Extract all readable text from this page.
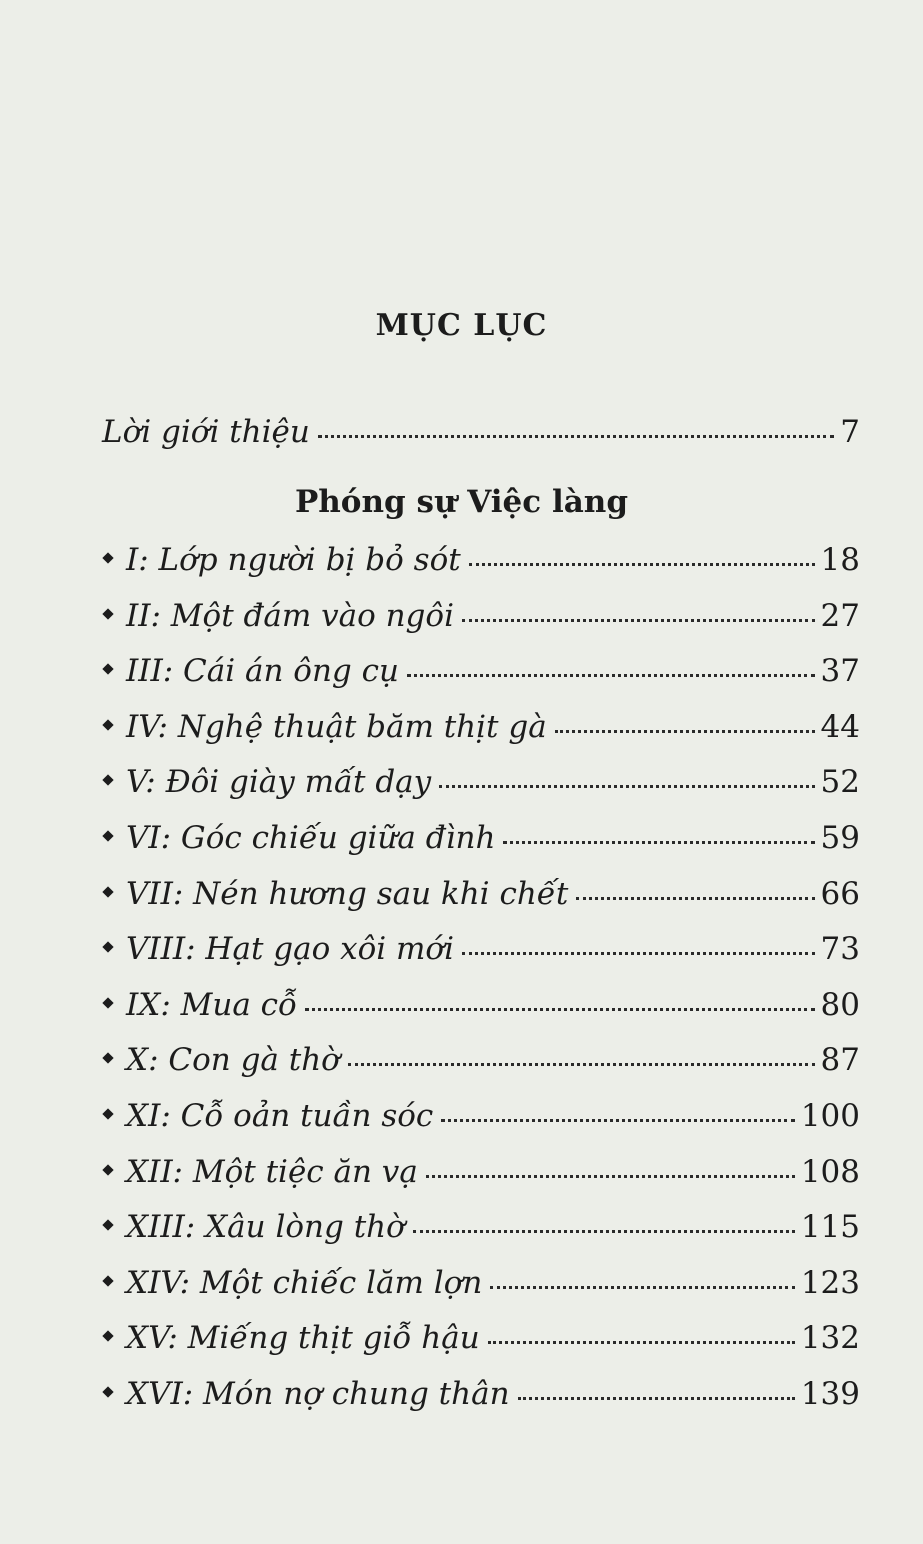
MỤC LỤC
Lời giới thiệu	7
Phóng sự Việc làng
I: Lớp người bị bỏ sót	18
II: Một đám vào ngôi	27
III: Cái án ông cụ	37
IV: Nghệ thuật băm thịt gà	44
V: Đôi giày mất dạy	52
VI: Góc chiếu giữa đình	59
VII: Nén hương sau khi chết	66
VIII: Hạt gạo xôi mới	73
IX: Mua cỗ	80
X: Con gà thờ	87
XI: Cỗ oản tuần sóc	100
XII: Một tiệc ăn vạ	108
XIII: Xâu lòng thờ	115
XIV: Một chiếc lăm lợn	123
XV: Miếng thịt giỗ hậu	132
XVI: Món nợ chung thân	139
